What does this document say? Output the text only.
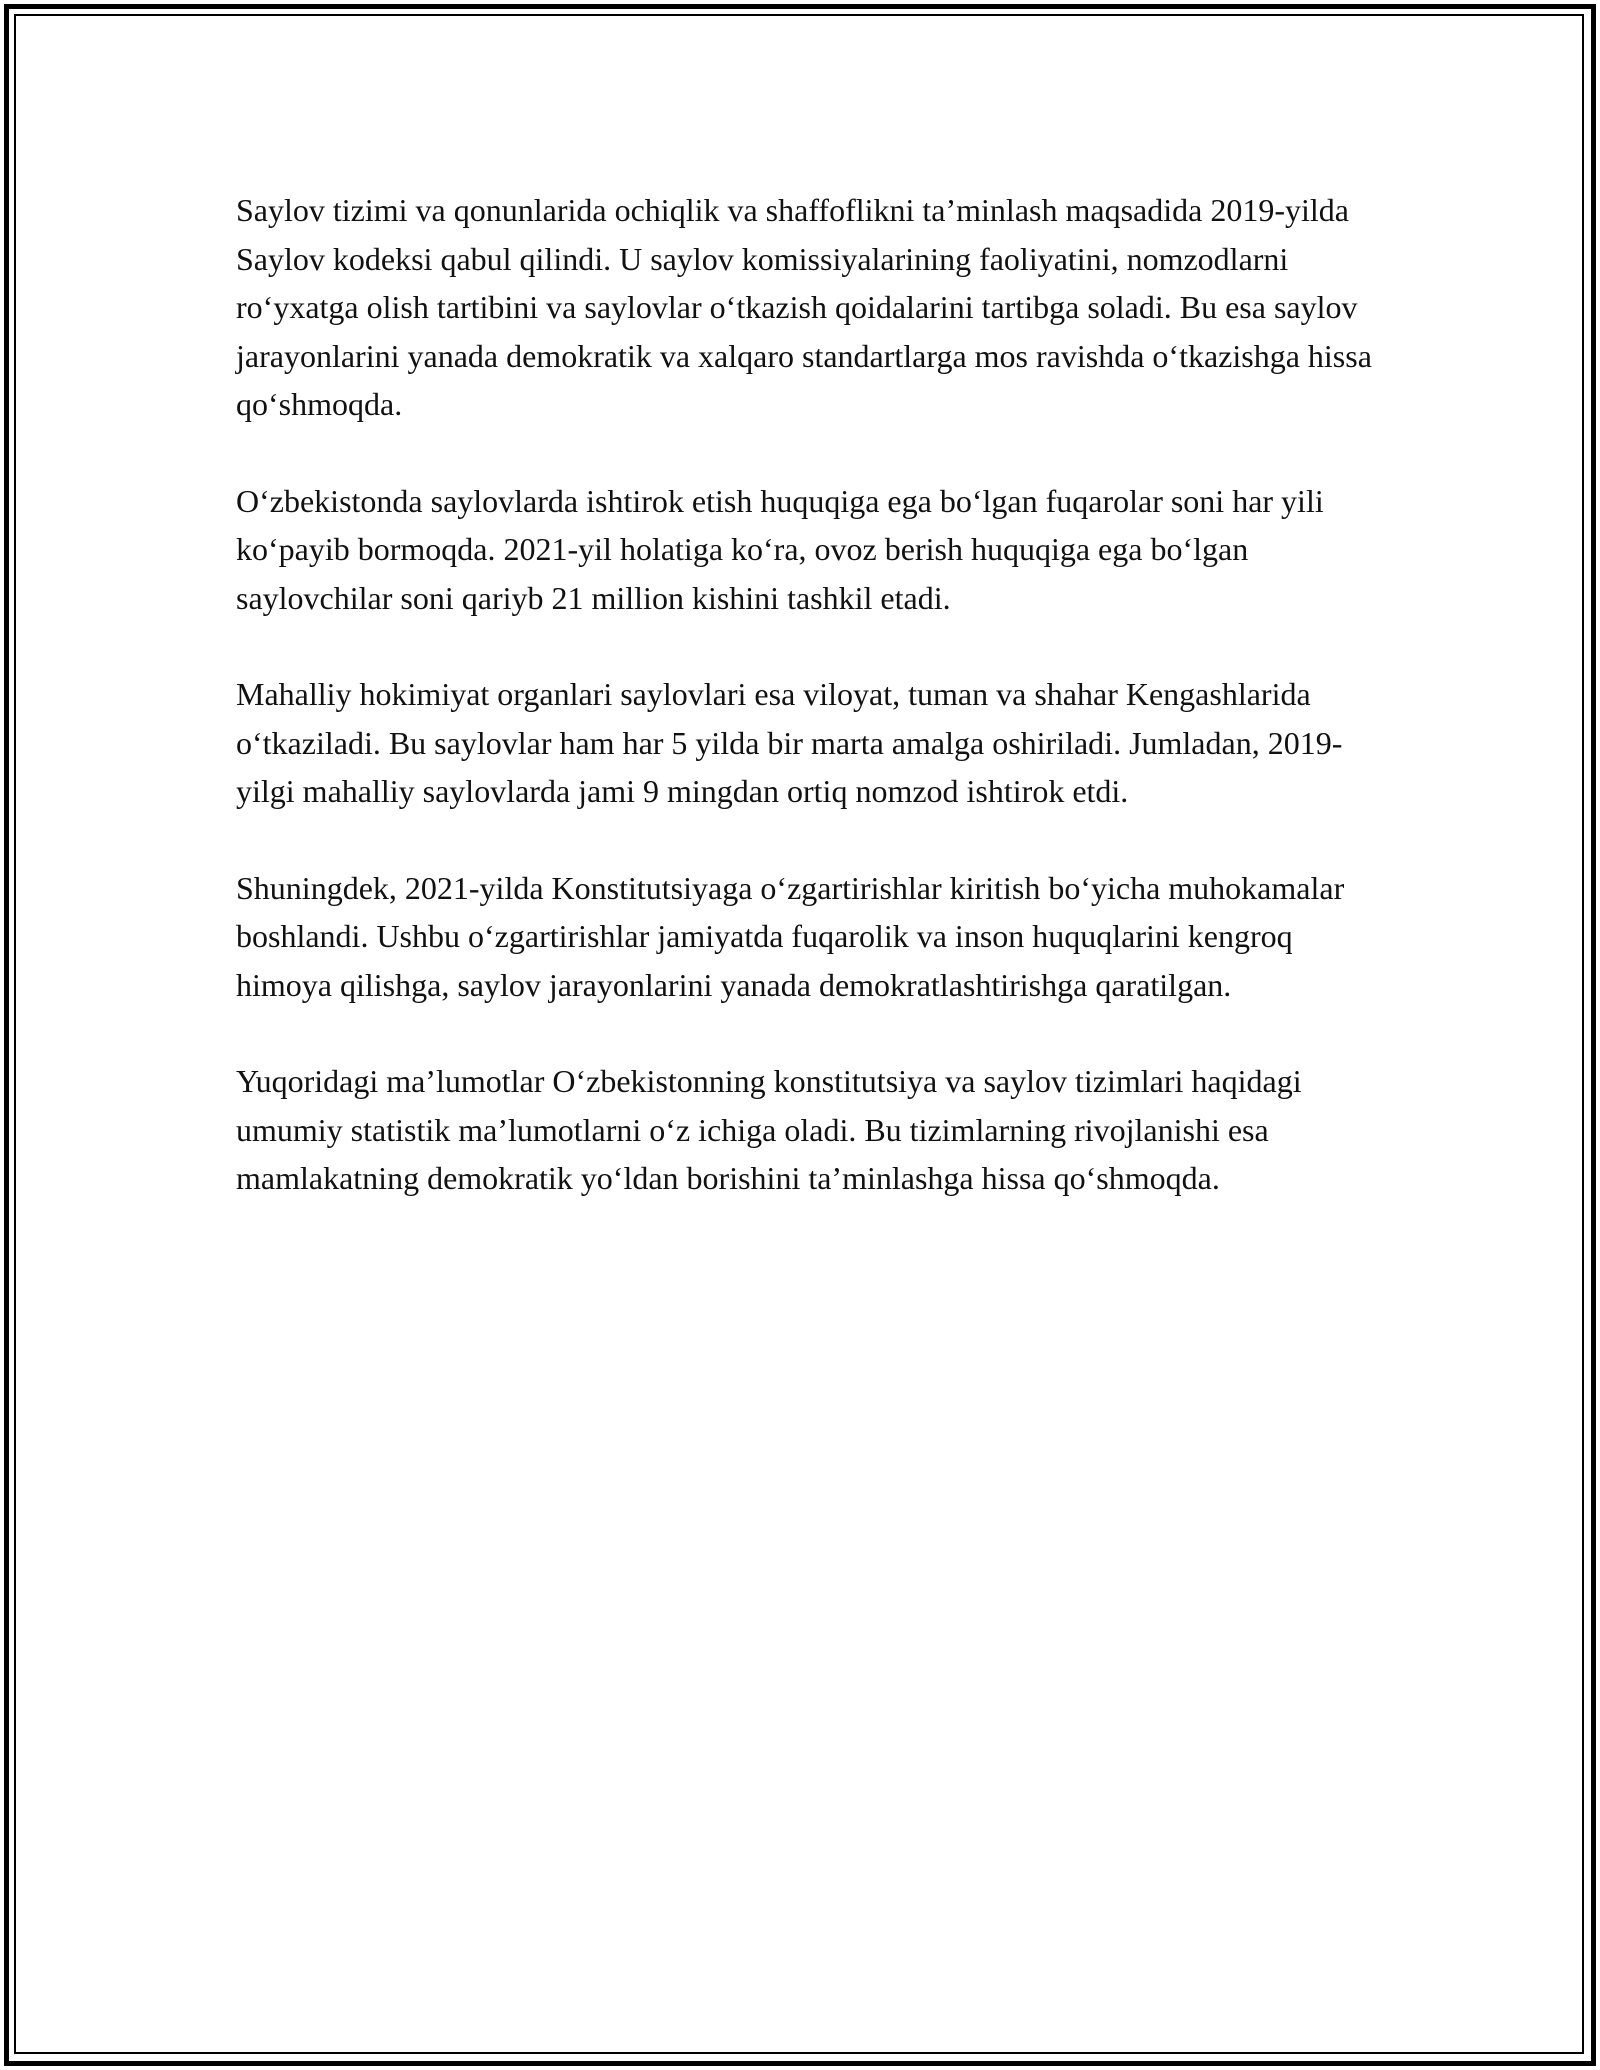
Saylov tizimi va qonunlarida ochiqlik va shaffoflikni ta’minlash maqsadida 2019-yilda Saylov kodeksi qabul qilindi. U saylov komissiyalarining faoliyatini, nomzodlarni ro‘yxatga olish tartibini va saylovlar o‘tkazish qoidalarini tartibga soladi. Bu esa saylov jarayonlarini yanada demokratik va xalqaro standartlarga mos ravishda o‘tkazishga hissa qo‘shmoqda.

O‘zbekistonda saylovlarda ishtirok etish huquqiga ega bo‘lgan fuqarolar soni har yili ko‘payib bormoqda. 2021-yil holatiga ko‘ra, ovoz berish huquqiga ega bo‘lgan saylovchilar soni qariyb 21 million kishini tashkil etadi.

Mahalliy hokimiyat organlari saylovlari esa viloyat, tuman va shahar Kengashlarida o‘tkaziladi. Bu saylovlar ham har 5 yilda bir marta amalga oshiriladi. Jumladan, 2019-yilgi mahalliy saylovlarda jami 9 mingdan ortiq nomzod ishtirok etdi.

Shuningdek, 2021-yilda Konstitutsiyaga o‘zgartirishlar kiritish bo‘yicha muhokamalar boshlandi. Ushbu o‘zgartirishlar jamiyatda fuqarolik va inson huquqlarini kengroq himoya qilishga, saylov jarayonlarini yanada demokratlashtirishga qaratilgan.

Yuqoridagi ma’lumotlar O‘zbekistonning konstitutsiya va saylov tizimlari haqidagi umumiy statistik ma’lumotlarni o‘z ichiga oladi. Bu tizimlarning rivojlanishi esa mamlakatning demokratik yo‘ldan borishini ta’minlashga hissa qo‘shmoqda.
